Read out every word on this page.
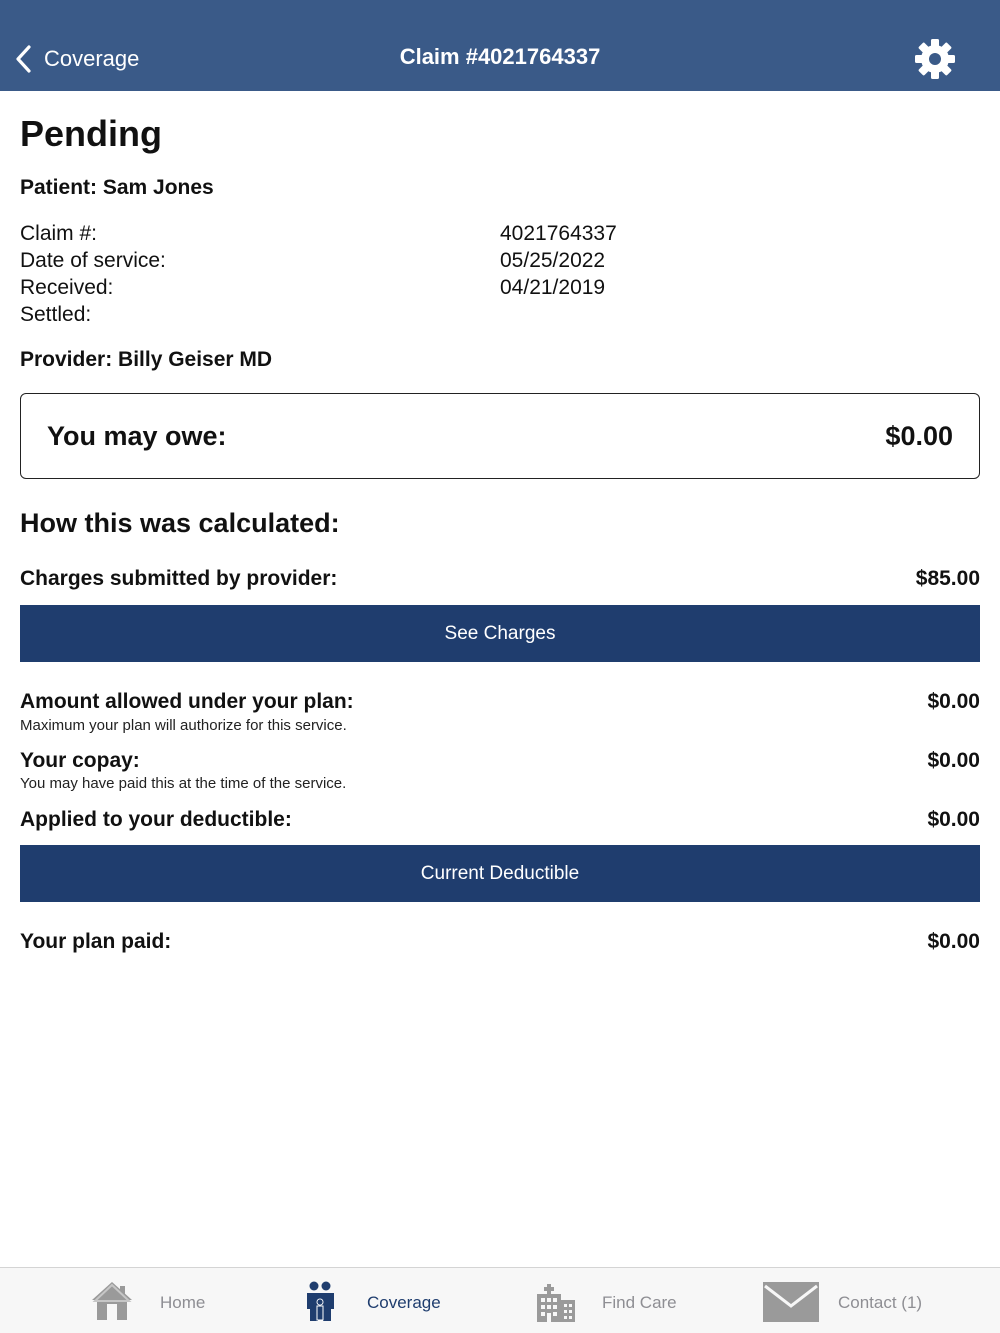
Coverage	Claim #4021764337
Pending
Patient: Sam Jones
Claim #:	4021764337
Date of service:	05/25/2022
Received:	04/21/2019
Settled:
Provider: Billy Geiser MD
You may owe:	$0.00
How this was calculated:
Charges submitted by provider:	$85.00
See Charges
Amount allowed under your plan:	$0.00
Maximum your plan will authorize for this service.
Your copay:	$0.00
You may have paid this at the time of the service.
Applied to your deductible:	$0.00
Current Deductible
Your plan paid:	$0.00
Home	Coverage	Find Care	Contact (1)
